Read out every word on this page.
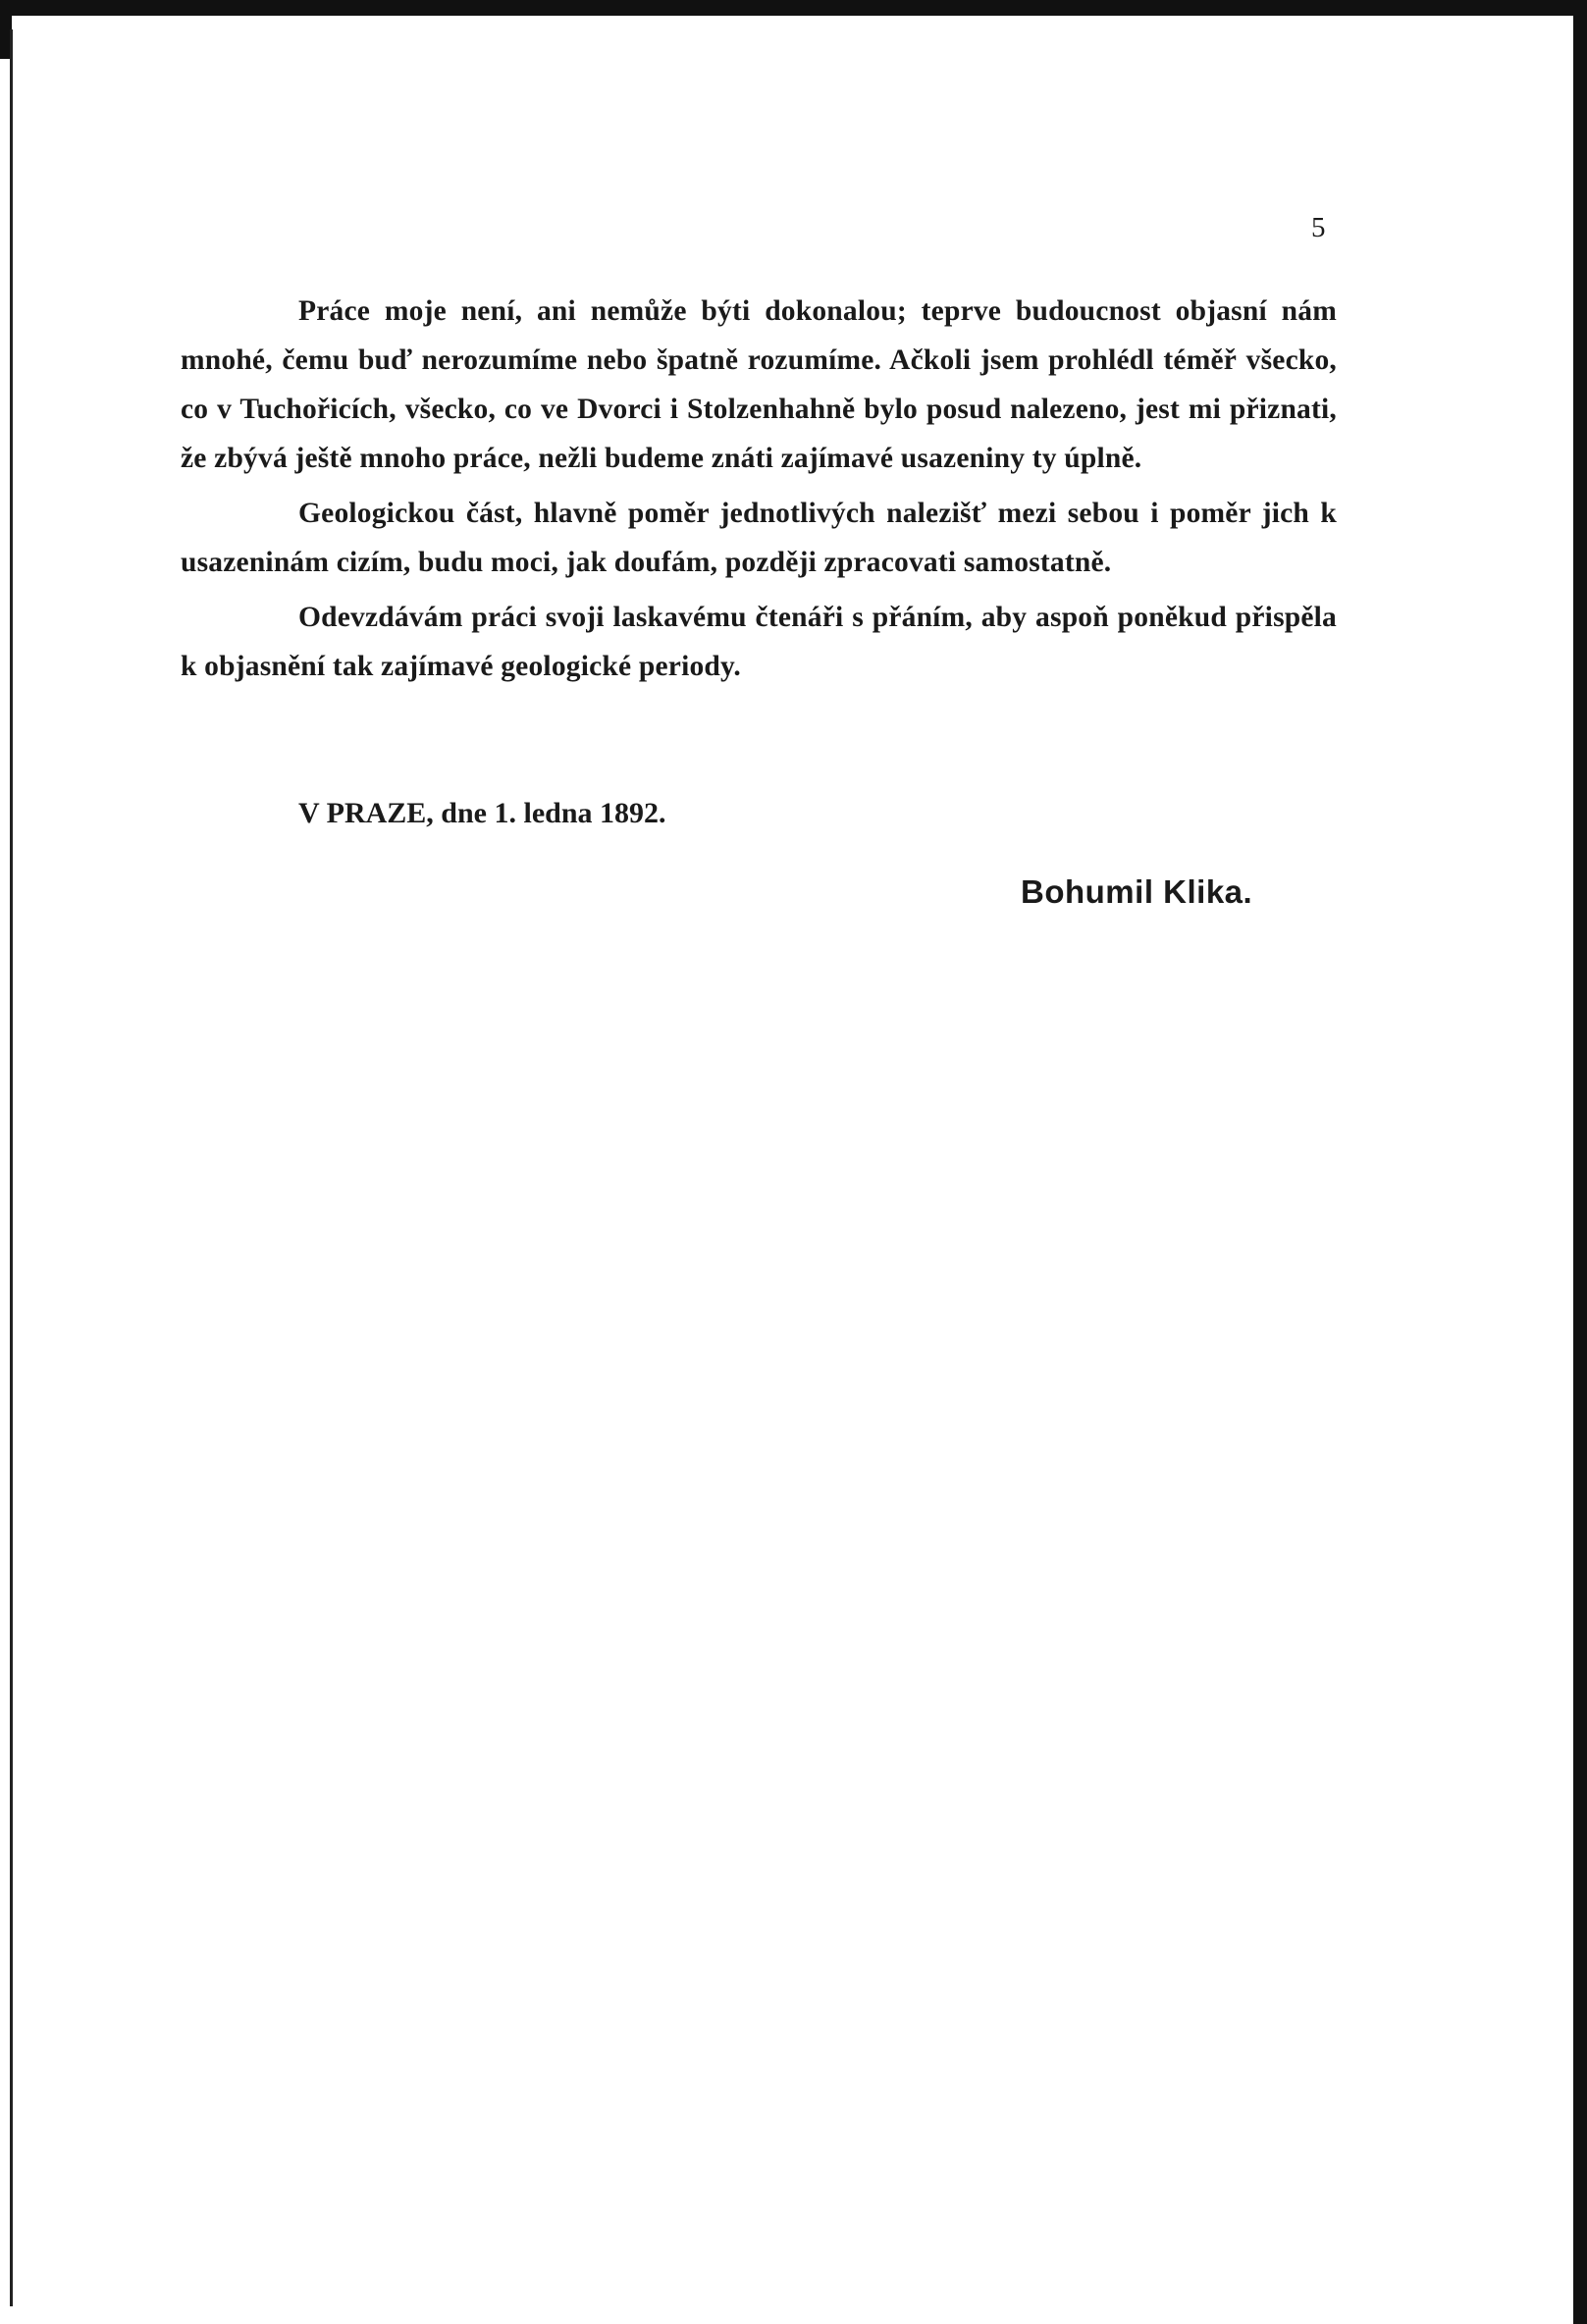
5

Práce moje není, ani nemůže býti dokonalou; teprve budoucnost objasní nám mnohé, čemu buď nerozumíme nebo špatně rozumíme. Ačkoli jsem prohlédl téměř všecko, co v Tuchořicích, všecko, co ve Dvorci i Stolzenhahně bylo posud nalezeno, jest mi přiznati, že zbývá ještě mnoho práce, nežli budeme znáti zajímavé usazeniny ty úplně.

Geologickou část, hlavně poměr jednotlivých nalezišť mezi sebou i poměr jich k usazeninám cizím, budu moci, jak doufám, později zpracovati samostatně.

Odevzdávám práci svoji laskavému čtenáři s přáním, aby aspoň poněkud přispěla k objasnění tak zajímavé geologické periody.

V PRAZE, dne 1. ledna 1892.
Bohumil Klika.
